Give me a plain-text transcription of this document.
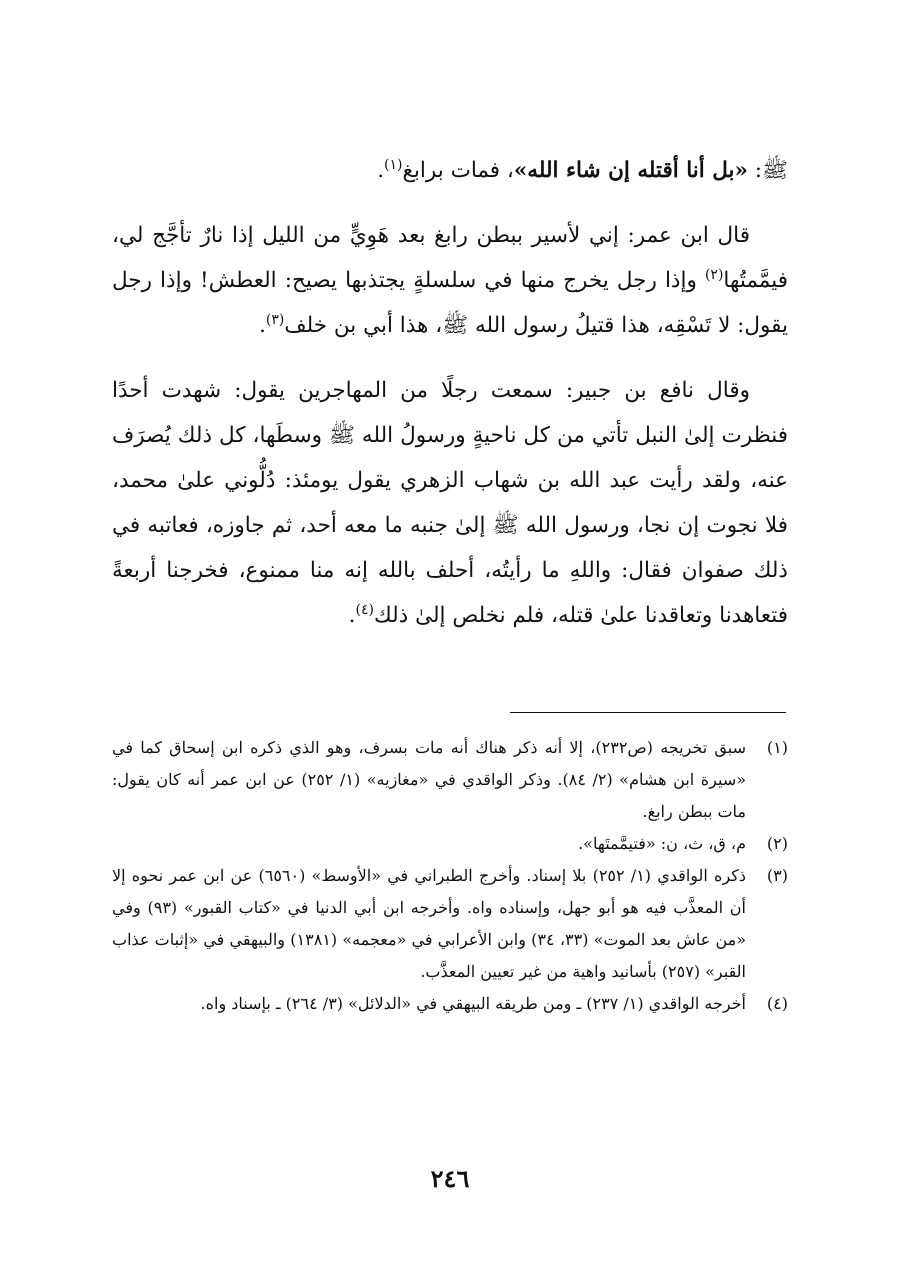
ﷺ: «بل أنا أقتله إن شاء الله»، فمات برابغ$^{(١)}$.

قال ابن عمر: إني لأسير ببطن رابغ بعد هَوِيٍّ من الليل إذا نارٌ تأجَّج لي، فيمَّمتُها$^{(٢)}$ وإذا رجل يخرج منها في سلسلةٍ يجتذبها يصيح: العطش! وإذا رجل يقول: لا تَسْقِه، هذا قتيلُ رسول الله ﷺ، هذا أبي بن خلف$^{(٣)}$.

وقال نافع بن جبير: سمعت رجلًا من المهاجرين يقول: شهدت أحدًا فنظرت إلىٰ النبل تأتي من كل ناحيةٍ ورسولُ الله ﷺ وسطَها، كل ذلك يُصرَف عنه، ولقد رأيت عبد الله بن شهاب الزهري يقول يومئذ: دُلُّوني علىٰ محمد، فلا نجوت إن نجا، ورسول الله ﷺ إلىٰ جنبه ما معه أحد، ثم جاوزه، فعاتبه في ذلك صفوان فقال: واللهِ ما رأيتُه، أحلف بالله إنه منا ممنوع، فخرجنا أربعةً فتعاهدنا وتعاقدنا علىٰ قتله، فلم نخلص إلىٰ ذلك$^{(٤)}$.

(١)
سبق تخريجه (ص٢٣٢)، إلا أنه ذكر هناك أنه مات بسرف، وهو الذي ذكره ابن إسحاق كما في «سيرة ابن هشام» (٢/ ٨٤). وذكر الواقدي في «مغازيه» (١/ ٢٥٢) عن ابن عمر أنه كان يقول: مات ببطن رابغ.
(٢)
م، ق، ث، ن: «فتيمَّمتَها».
(٣)
ذكره الواقدي (١/ ٢٥٢) بلا إسناد. وأخرج الطبراني في «الأوسط» (٦٥٦٠) عن ابن عمر نحوه إلا أن المعذَّب فيه هو أبو جهل، وإسناده واه. وأخرجه ابن أبي الدنيا في «كتاب القبور» (٩٣) وفي «من عاش بعد الموت» (٣٣، ٣٤) وابن الأعرابي في «معجمه» (١٣٨١) والبيهقي في «إثبات عذاب القبر» (٢٥٧) بأسانيد واهية من غير تعيين المعذَّب.
(٤)
أخرجه الواقدي (١/ ٢٣٧) ـ ومن طريقه البيهقي في «الدلائل» (٣/ ٢٦٤) ـ بإسناد واه.
٢٤٦
